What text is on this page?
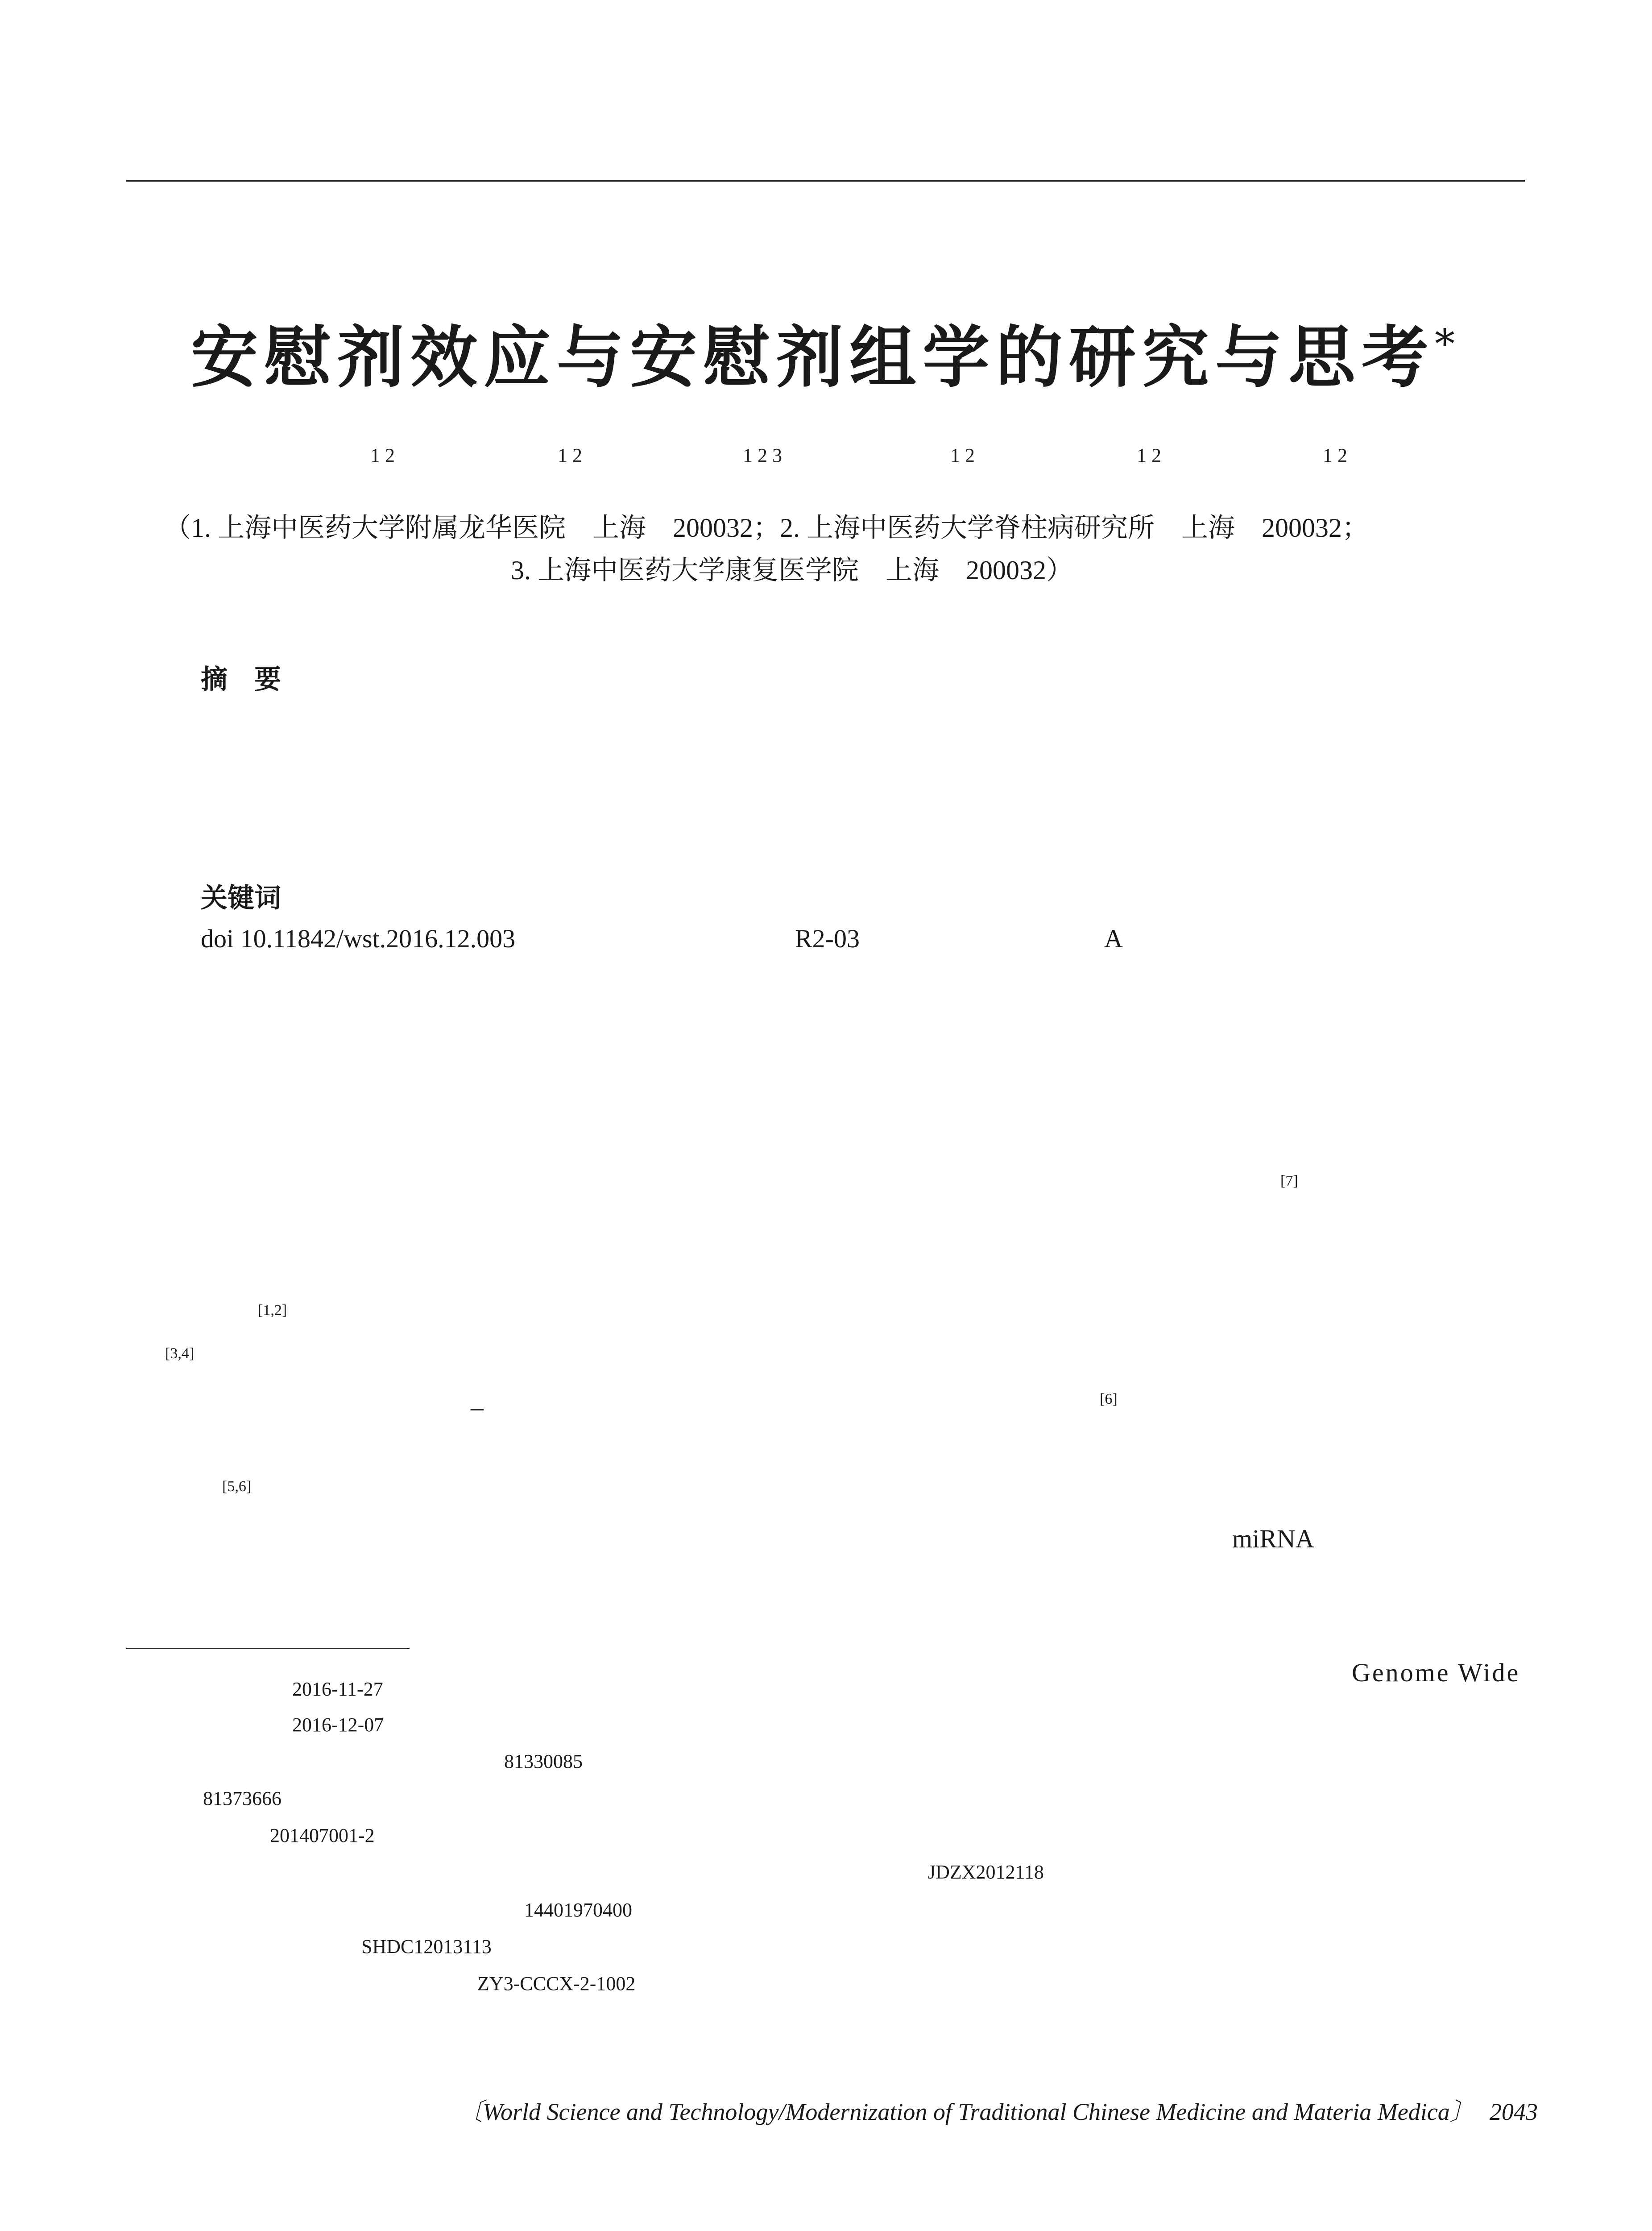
安慰剂效应与安慰剂组学的研究与思考*
1 2	1 2	1 2 3	1 2	1 2	1 2
（1. 上海中医药大学附属龙华医院　上海　200032；2. 上海中医药大学脊柱病研究所　上海　200032；
3. 上海中医药大学康复医学院　上海　200032）
摘　要
关键词
doi 10.11842/wst.2016.12.003	R2-03	A
[7]
[1,2]
[3,4]
–	[6]
[5,6]
miRNA
Genome Wide
2016-11-27
2016-12-07
81330085
81373666
201407001-2
JDZX2012118
14401970400
SHDC12013113
ZY3-CCCX-2-1002
〔World Science and Technology/Modernization of Traditional Chinese Medicine and Materia Medica〕 2043
